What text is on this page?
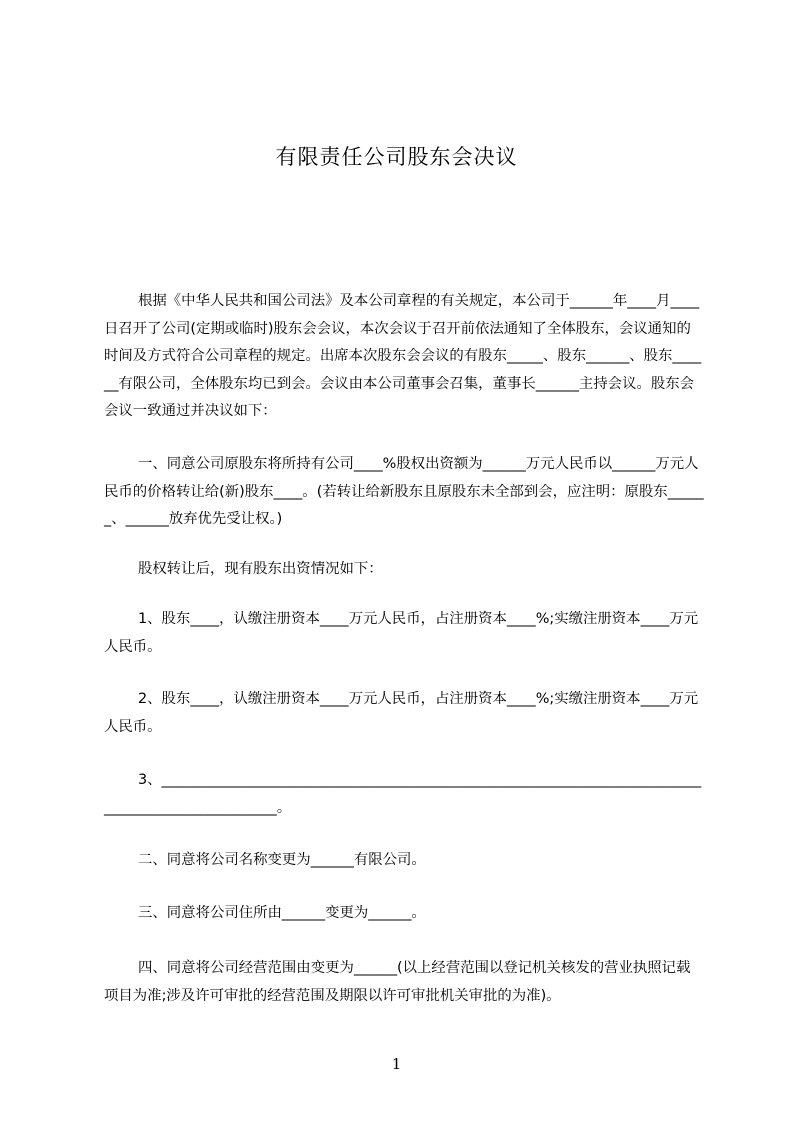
有限责任公司股东会决议
根据《中华人民共和国公司法》及本公司章程的有关规定，本公司于______年____月____日召开了公司(定期或临时)股东会会议，本次会议于召开前依法通知了全体股东，会议通知的时间及方式符合公司章程的规定。出席本次股东会会议的有股东_____、股东______、股东______有限公司，全体股东均已到会。会议由本公司董事会召集，董事长______主持会议。股东会会议一致通过并决议如下：
一、同意公司原股东将所持有公司____%股权出资额为______万元人民币以______万元人民币的价格转让给(新)股东____。(若转让给新股东且原股东未全部到会，应注明：原股东______、______放弃优先受让权。)
股权转让后，现有股东出资情况如下：
1、股东____，认缴注册资本____万元人民币，占注册资本____%;实缴注册资本____万元人民币。
2、股东____，认缴注册资本____万元人民币，占注册资本____%;实缴注册资本____万元人民币。
3、___________________________________________________________________________________________________。
二、同意将公司名称变更为______有限公司。
三、同意将公司住所由______变更为______。
四、同意将公司经营范围由变更为______(以上经营范围以登记机关核发的营业执照记载项目为准;涉及许可审批的经营范围及期限以许可审批机关审批的为准)。
1
